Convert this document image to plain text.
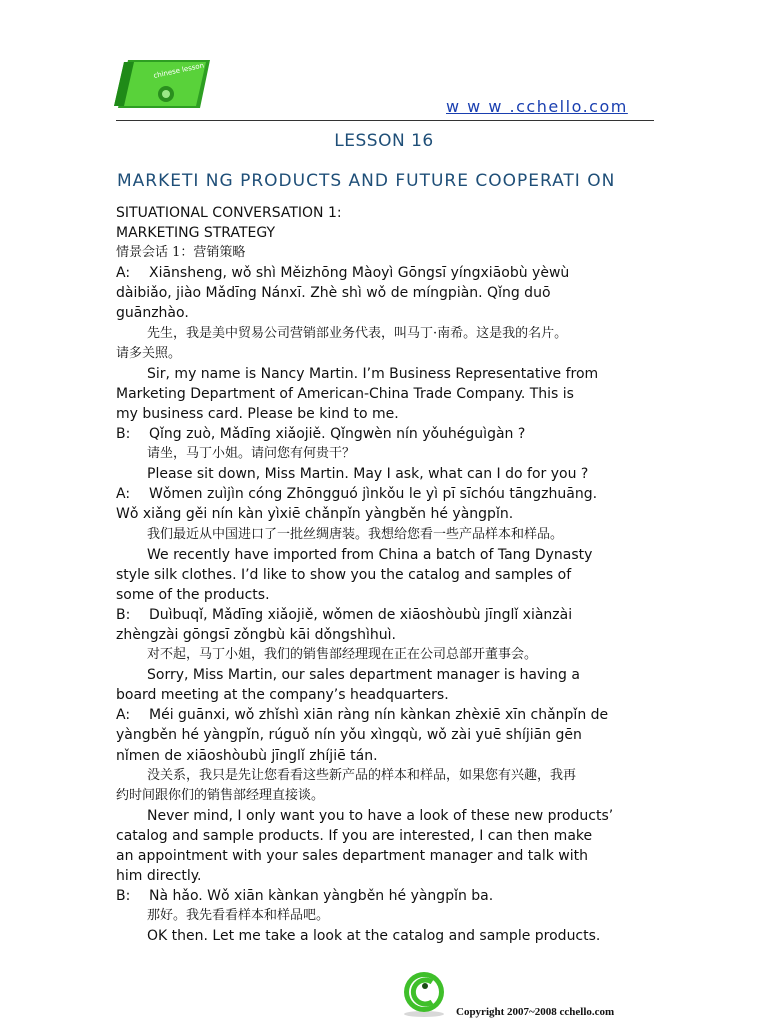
chinese lesson
w w w .cchello.com
LESSON 16
MARKETI NG PRODUCTS AND FUTURE COOPERATI ON
SITUATIONAL CONVERSATION 1:
MARKETING STRATEGY
情景会话 1：营销策略
A: Xiānsheng, wǒ shì Měizhōng Màoyì Gōngsī yíngxiāobù yèwù
dàibiǎo, jiào Mǎdīng Nánxī. Zhè shì wǒ de míngpiàn. Qǐng duō
guānzhào.
先生，我是美中贸易公司营销部业务代表，叫马丁·南希。这是我的名片。
请多关照。
Sir, my name is Nancy Martin. I’m Business Representative from
Marketing Department of American-China Trade Company. This is
my business card. Please be kind to me.
B: Qǐng zuò, Mǎdīng xiǎojiě. Qǐngwèn nín yǒuhéguìgàn ?
请坐，马丁小姐。请问您有何贵干？
Please sit down, Miss Martin. May I ask, what can I do for you ?
A: Wǒmen zuìjìn cóng Zhōngguó jìnkǒu le yì pī sīchóu tāngzhuāng.
Wǒ xiǎng gěi nín kàn yìxiē chǎnpǐn yàngběn hé yàngpǐn.
我们最近从中国进口了一批丝绸唐装。我想给您看一些产品样本和样品。
We recently have imported from China a batch of Tang Dynasty
style silk clothes. I’d like to show you the catalog and samples of
some of the products.
B: Duìbuqǐ, Mǎdīng xiǎojiě, wǒmen de xiāoshòubù jīnglǐ xiànzài
zhèngzài gōngsī zǒngbù kāi dǒngshìhuì.
对不起，马丁小姐，我们的销售部经理现在正在公司总部开董事会。
Sorry, Miss Martin, our sales department manager is having a
board meeting at the company’s headquarters.
A: Méi guānxi, wǒ zhǐshì xiān ràng nín kànkan zhèxiē xīn chǎnpǐn de
yàngběn hé yàngpǐn, rúguǒ nín yǒu xìngqù, wǒ zài yuē shíjiān gēn
nǐmen de xiāoshòubù jīnglǐ zhíjiē tán.
没关系，我只是先让您看看这些新产品的样本和样品，如果您有兴趣，我再
约时间跟你们的销售部经理直接谈。
Never mind, I only want you to have a look of these new products’
catalog and sample products. If you are interested, I can then make
an appointment with your sales department manager and talk with
him directly.
B: Nà hǎo. Wǒ xiān kànkan yàngběn hé yàngpǐn ba.
那好。我先看看样本和样品吧。
OK then. Let me take a look at the catalog and sample products.
Copyright 2007~2008 cchello.com
